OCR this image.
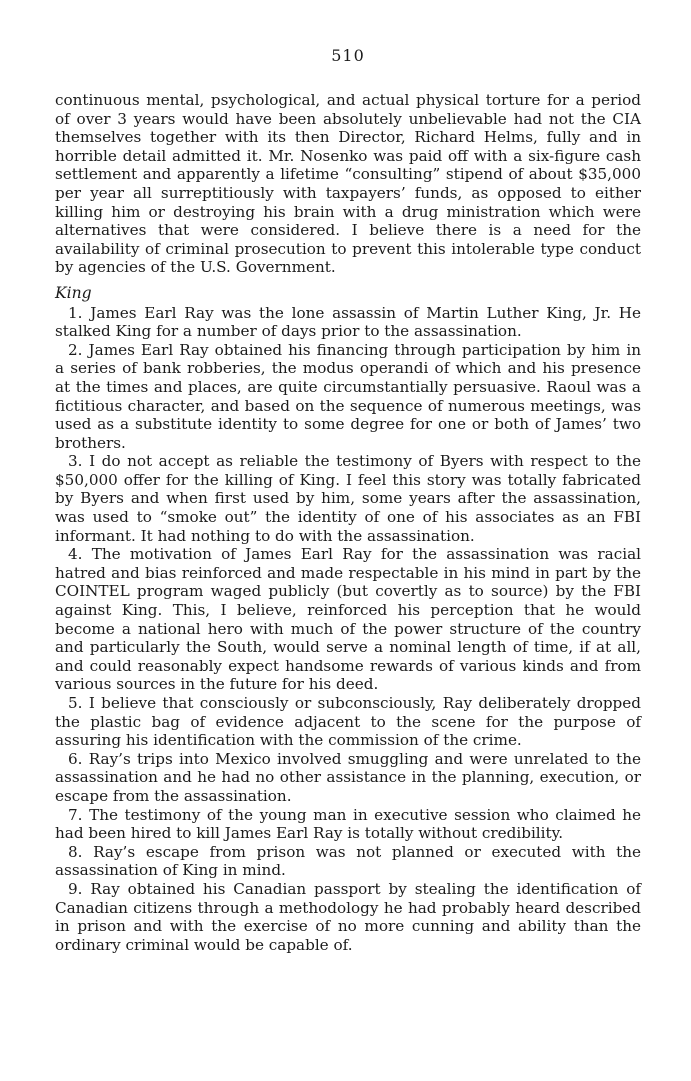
510

continuous mental, psychological, and actual physical torture for a period of over 3 years would have been absolutely unbelievable had not the CIA themselves together with its then Director, Richard Helms, fully and in horrible detail admitted it. Mr. Nosenko was paid off with a six-figure cash settlement and apparently a lifetime “consulting” stipend of about $35,000 per year all surreptitiously with taxpayers’ funds, as opposed to either killing him or destroying his brain with a drug ministration which were alternatives that were considered. I believe there is a need for the availability of criminal prosecution to prevent this intolerable type conduct by agencies of the U.S. Government.

King

1. James Earl Ray was the lone assassin of Martin Luther King, Jr. He stalked King for a number of days prior to the assassination.

2. James Earl Ray obtained his financing through participation by him in a series of bank robberies, the modus operandi of which and his presence at the times and places, are quite circumstantially persuasive. Raoul was a fictitious character, and based on the sequence of numerous meetings, was used as a substitute identity to some degree for one or both of James’ two brothers.

3. I do not accept as reliable the testimony of Byers with respect to the $50,000 offer for the killing of King. I feel this story was totally fabricated by Byers and when first used by him, some years after the assassination, was used to “smoke out” the identity of one of his associates as an FBI informant. It had nothing to do with the assassination.

4. The motivation of James Earl Ray for the assassination was racial hatred and bias reinforced and made respectable in his mind in part by the COINTEL program waged publicly (but covertly as to source) by the FBI against King. This, I believe, reinforced his perception that he would become a national hero with much of the power structure of the country and particularly the South, would serve a nominal length of time, if at all, and could reasonably expect handsome rewards of various kinds and from various sources in the future for his deed.

5. I believe that consciously or subconsciously, Ray deliberately dropped the plastic bag of evidence adjacent to the scene for the purpose of assuring his identification with the commission of the crime.

6. Ray’s trips into Mexico involved smuggling and were unrelated to the assassination and he had no other assistance in the planning, execution, or escape from the assassination.

7. The testimony of the young man in executive session who claimed he had been hired to kill James Earl Ray is totally without credibility.

8. Ray’s escape from prison was not planned or executed with the assassination of King in mind.

9. Ray obtained his Canadian passport by stealing the identification of Canadian citizens through a methodology he had probably heard described in prison and with the exercise of no more cunning and ability than the ordinary criminal would be capable of.
